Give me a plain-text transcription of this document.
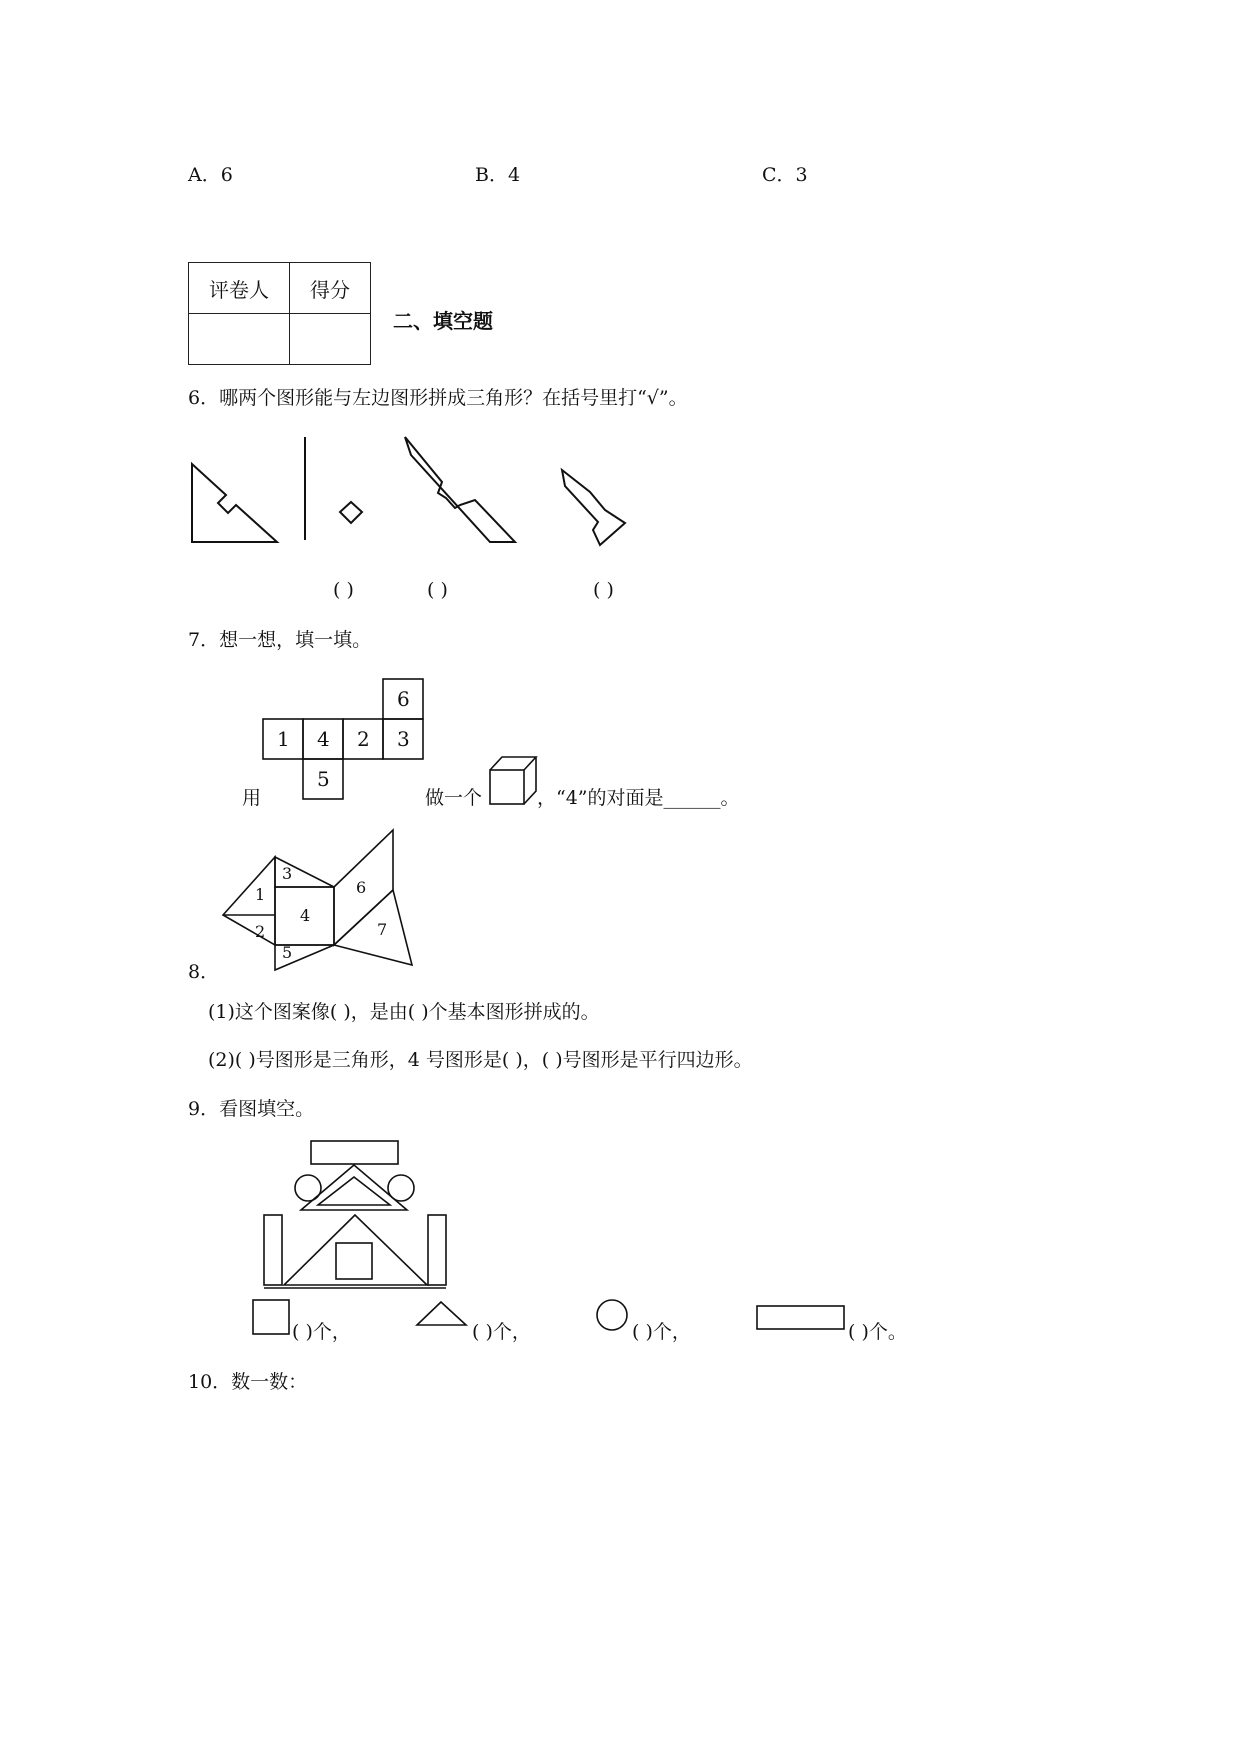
A．6	B．4	C．3
评卷人	得分

二、填空题
6．哪两个图形能与左边图形拼成三角形？在括号里打“√”。
( )	( )	( )
7．想一想，填一填。
6
1 4 2 3
5
用	做一个	，“4”的对面是______。
1
2
3
4
5
6
7
8．
(1)这个图案像( )，是由( )个基本图形拼成的。
(2)( )号图形是三角形，4 号图形是( )，( )号图形是平行四边形。
9．看图填空。
( )个，	( )个，	( )个，	( )个。
10．数一数：
